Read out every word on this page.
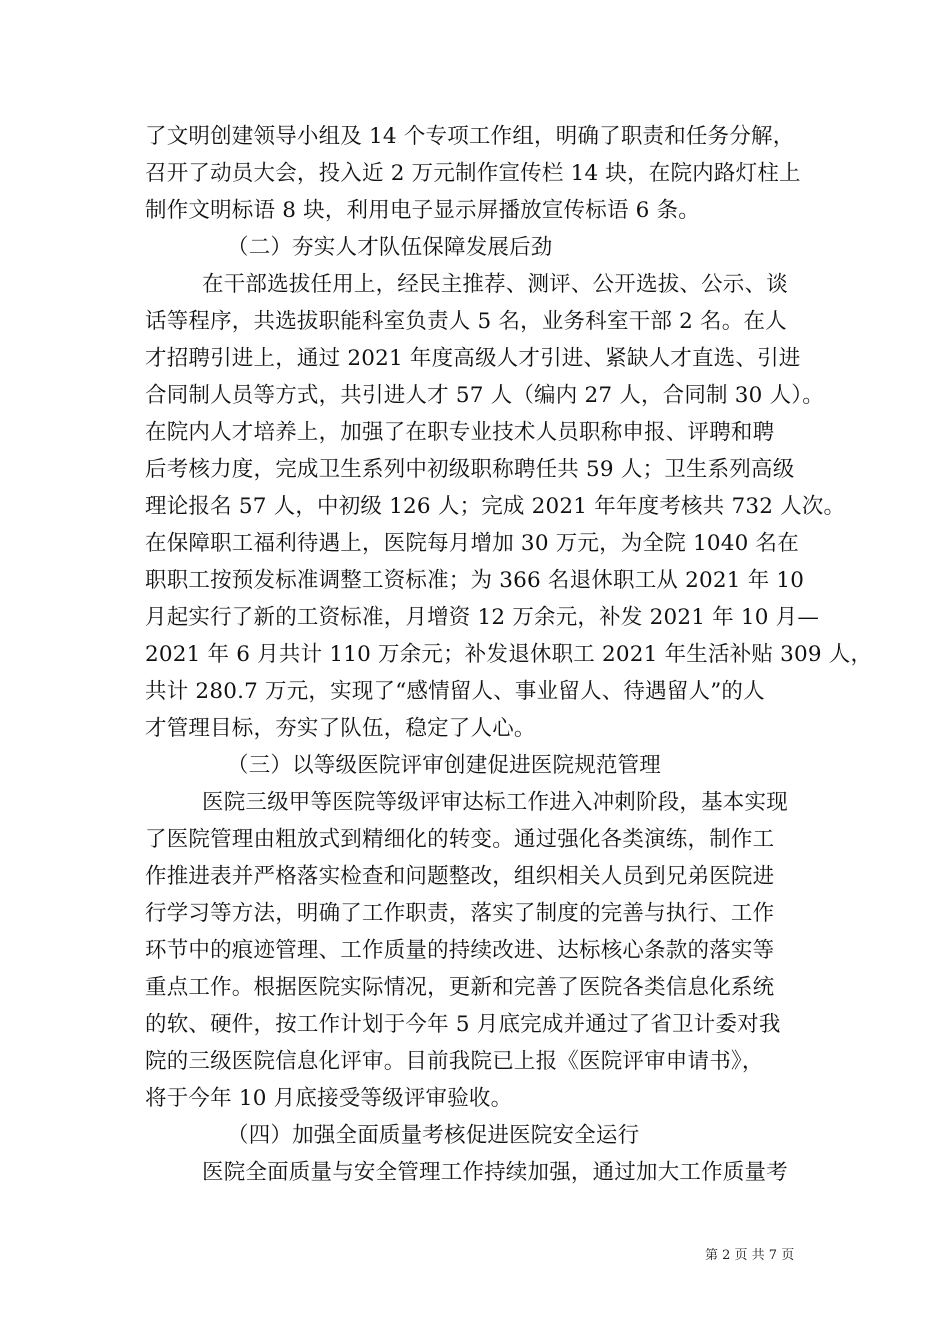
了文明创建领导小组及 14 个专项工作组，明确了职责和任务分解，
召开了动员大会，投入近 2 万元制作宣传栏 14 块，在院内路灯柱上
制作文明标语 8 块，利用电子显示屏播放宣传标语 6 条。
（二）夯实人才队伍保障发展后劲
在干部选拔任用上，经民主推荐、测评、公开选拔、公示、谈
话等程序，共选拔职能科室负责人 5 名，业务科室干部 2 名。在人
才招聘引进上，通过 2021 年度高级人才引进、紧缺人才直选、引进
合同制人员等方式，共引进人才 57 人（编内 27 人，合同制 30 人）。
在院内人才培养上，加强了在职专业技术人员职称申报、评聘和聘
后考核力度，完成卫生系列中初级职称聘任共 59 人；卫生系列高级
理论报名 57 人，中初级 126 人；完成 2021 年年度考核共 732 人次。
在保障职工福利待遇上，医院每月增加 30 万元，为全院 1040 名在
职职工按预发标准调整工资标准；为 366 名退休职工从 2021 年 10
月起实行了新的工资标准，月增资 12 万余元，补发 2021 年 10 月—
2021 年 6 月共计 110 万余元；补发退休职工 2021 年生活补贴 309 人，
共计 280.7 万元，实现了“感情留人、事业留人、待遇留人”的人
才管理目标，夯实了队伍，稳定了人心。
（三）以等级医院评审创建促进医院规范管理
医院三级甲等医院等级评审达标工作进入冲刺阶段，基本实现
了医院管理由粗放式到精细化的转变。通过强化各类演练，制作工
作推进表并严格落实检查和问题整改，组织相关人员到兄弟医院进
行学习等方法，明确了工作职责，落实了制度的完善与执行、工作
环节中的痕迹管理、工作质量的持续改进、达标核心条款的落实等
重点工作。根据医院实际情况，更新和完善了医院各类信息化系统
的软、硬件，按工作计划于今年 5 月底完成并通过了省卫计委对我
院的三级医院信息化评审。目前我院已上报《医院评审申请书》，
将于今年 10 月底接受等级评审验收。
（四）加强全面质量考核促进医院安全运行
医院全面质量与安全管理工作持续加强，通过加大工作质量考
第 2 页 共 7 页
